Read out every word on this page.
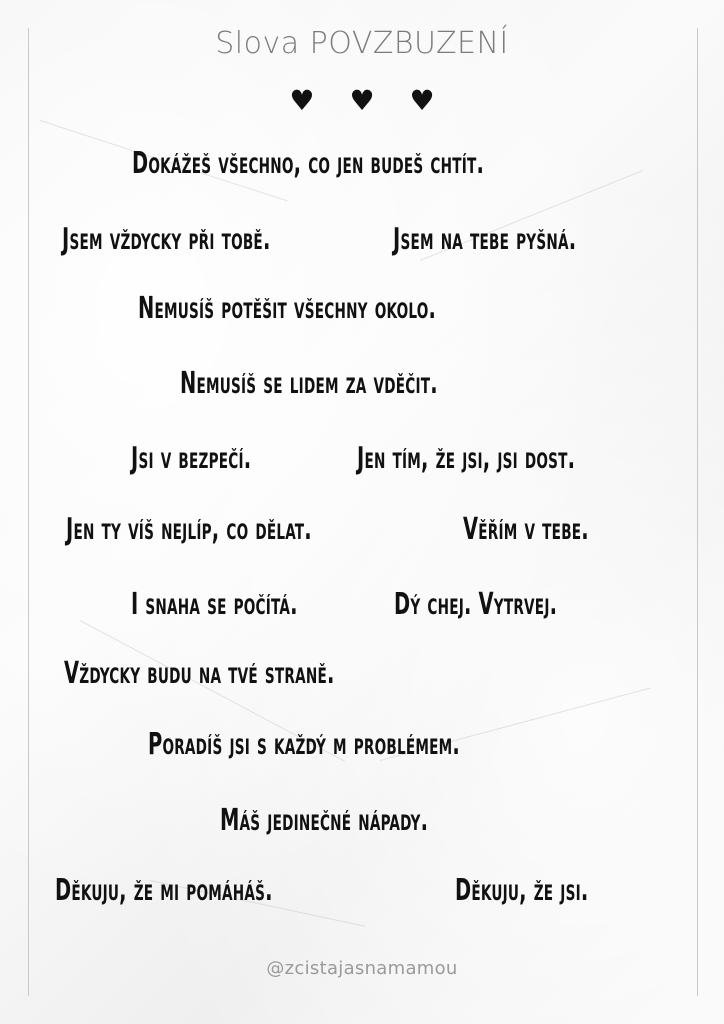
Slova POVZBUZENÍ
♥ ♥ ♥
Dokážeš všechno, co jen budeš chtít.
Jsem vždycky při tobě.	Jsem na tebe pyšná.
Nemusíš potěšit všechny okolo.
Nemusíš se lidem za vděčit.
Jsi v bezpečí.	Jen tím, že jsi, jsi dost.
Jen ty víš nejlíp, co dělat.	Věřím v tebe.
I snaha se počítá.	Dý chej. Vytrvej.
Vždycky budu na tvé straně.
Poradíš jsi s každý m problémem.
Máš jedinečné nápady.
Děkuju, že mi pomáháš.	Děkuju, že jsi.
@zcistajasnamamou
